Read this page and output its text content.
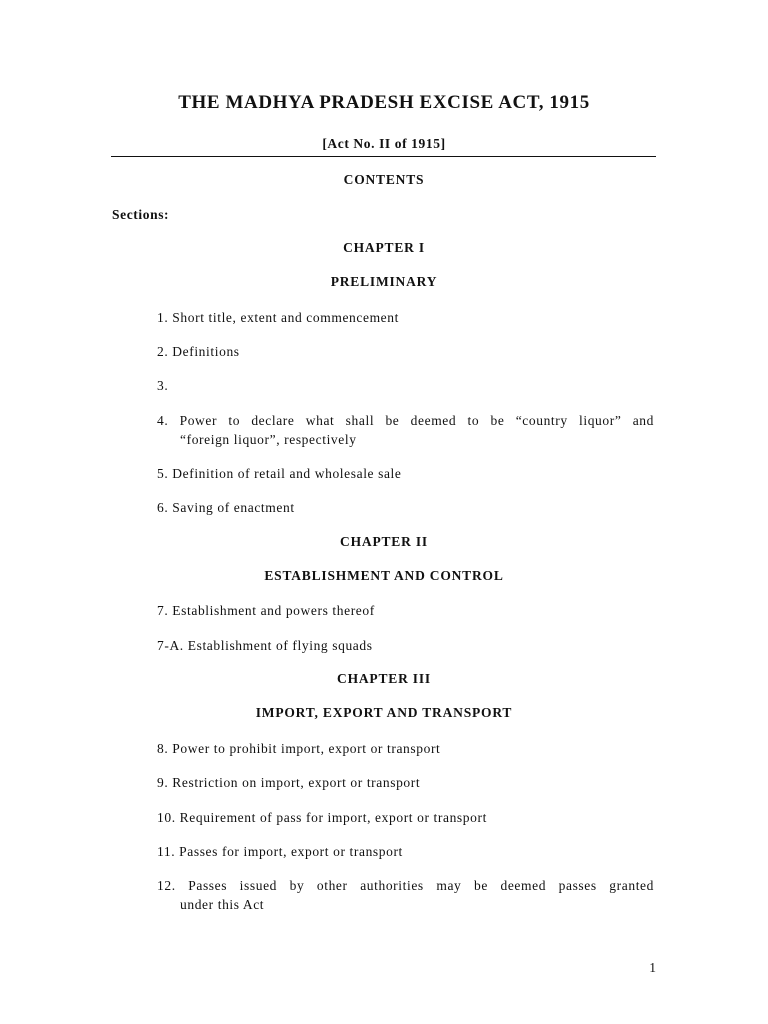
THE MADHYA PRADESH EXCISE ACT, 1915
[Act No. II of 1915]
CONTENTS
Sections:
CHAPTER I
PRELIMINARY
1. Short title, extent and commencement
2. Definitions
3.
4. Power to declare what shall be deemed to be “country liquor” and
“foreign liquor”, respectively
5. Definition of retail and wholesale sale
6. Saving of enactment
CHAPTER II
ESTABLISHMENT AND CONTROL
7. Establishment and powers thereof
7-A. Establishment of flying squads
CHAPTER III
IMPORT, EXPORT AND TRANSPORT
8. Power to prohibit import, export or transport
9. Restriction on import, export or transport
10. Requirement of pass for import, export or transport
11. Passes for import, export or transport
12. Passes issued by other authorities may be deemed passes granted
under this Act
1
